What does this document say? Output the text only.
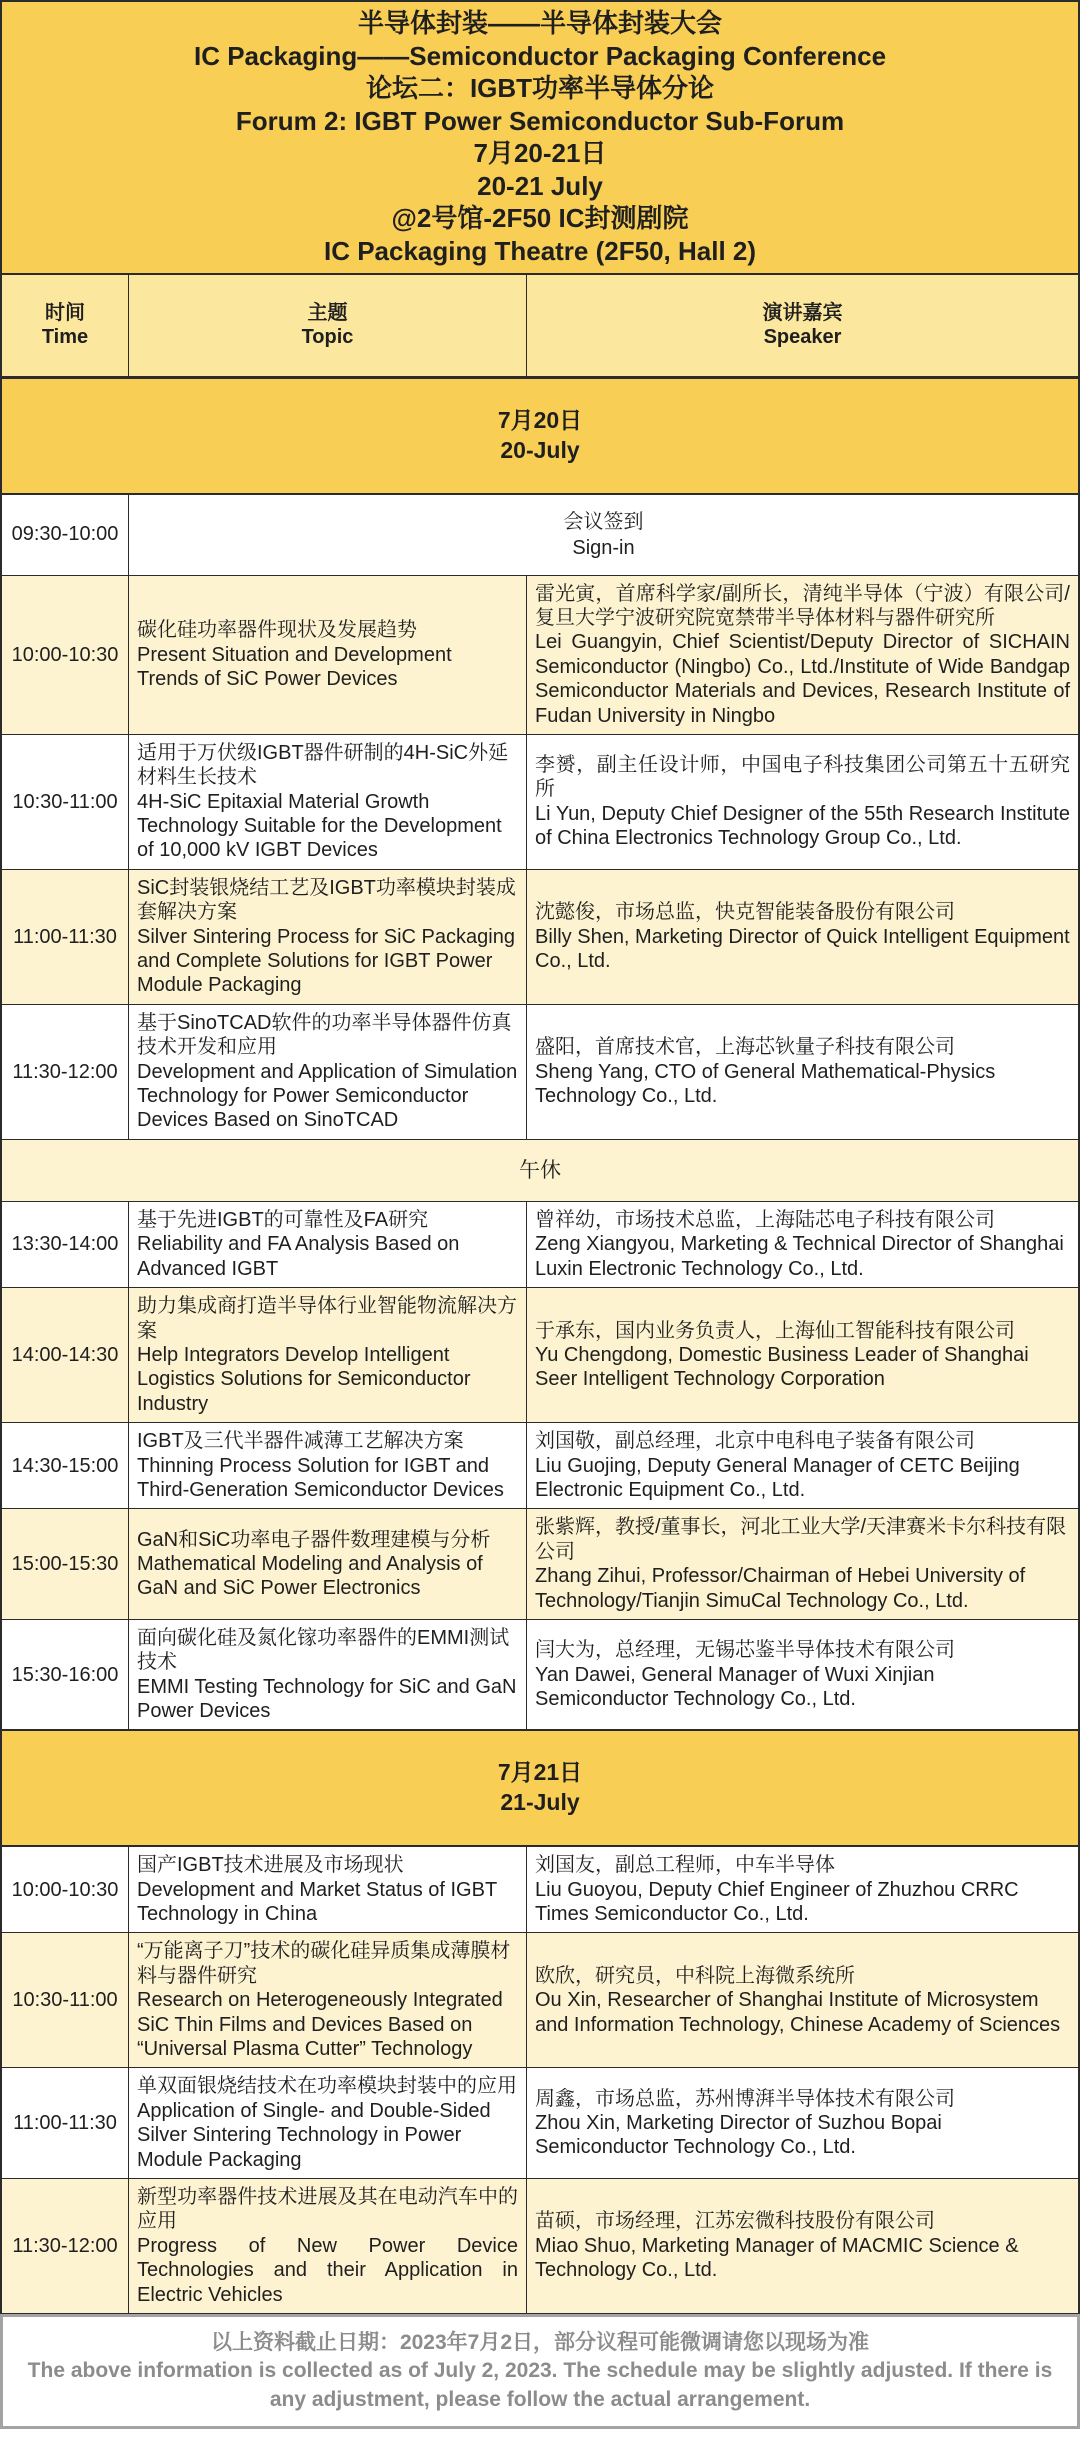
半导体封装——半导体封装大会
IC Packaging——Semiconductor Packaging Conference
论坛二：IGBT功率半导体分论
Forum 2: IGBT Power Semiconductor Sub-Forum
7月20-21日
20-21 July
@2号馆-2F50 IC封测剧院
IC Packaging Theatre (2F50, Hall 2)
时间
Time
主题
Topic
演讲嘉宾
Speaker
7月20日
20-July
09:30-10:00
会议签到
Sign-in
10:00-10:30
碳化硅功率器件现状及发展趋势
Present Situation and Development Trends of SiC Power Devices
雷光寅，首席科学家/副所长，清纯半导体（宁波）有限公司/复旦大学宁波研究院宽禁带半导体材料与器件研究所
Lei Guangyin, Chief Scientist/Deputy Director of SICHAIN Semiconductor (Ningbo) Co., Ltd./Institute of Wide Bandgap Semiconductor Materials and Devices, Research Institute of Fudan University in Ningbo
10:30-11:00
适用于万伏级IGBT器件研制的4H-SiC外延材料生长技术
4H-SiC Epitaxial Material Growth Technology Suitable for the Development of 10,000 kV IGBT Devices
李赟，副主任设计师，中国电子科技集团公司第五十五研究所
Li Yun, Deputy Chief Designer of the 55th Research Institute of China Electronics Technology Group Co., Ltd.
11:00-11:30
SiC封装银烧结工艺及IGBT功率模块封装成套解决方案
Silver Sintering Process for SiC Packaging and Complete Solutions for IGBT Power Module Packaging
沈懿俊，市场总监，快克智能装备股份有限公司
Billy Shen, Marketing Director of Quick Intelligent Equipment Co., Ltd.
11:30-12:00
基于SinoTCAD软件的功率半导体器件仿真技术开发和应用
Development and Application of Simulation Technology for Power Semiconductor Devices Based on SinoTCAD
盛阳，首席技术官，上海芯钬量子科技有限公司
Sheng Yang, CTO of General Mathematical-Physics Technology Co., Ltd.
午休
13:30-14:00
基于先进IGBT的可靠性及FA研究
Reliability and FA Analysis Based on Advanced IGBT
曾祥幼，市场技术总监，上海陆芯电子科技有限公司
Zeng Xiangyou, Marketing & Technical Director of Shanghai Luxin Electronic Technology Co., Ltd.
14:00-14:30
助力集成商打造半导体行业智能物流解决方案
Help Integrators Develop Intelligent Logistics Solutions for Semiconductor Industry
于承东，国内业务负责人，上海仙工智能科技有限公司
Yu Chengdong, Domestic Business Leader of Shanghai Seer Intelligent Technology Corporation
14:30-15:00
IGBT及三代半器件减薄工艺解决方案
Thinning Process Solution for IGBT and Third-Generation Semiconductor Devices
刘国敬，副总经理，北京中电科电子装备有限公司
Liu Guojing, Deputy General Manager of CETC Beijing Electronic Equipment Co., Ltd.
15:00-15:30
GaN和SiC功率电子器件数理建模与分析
Mathematical Modeling and Analysis of GaN and SiC Power Electronics
张紫辉，教授/董事长，河北工业大学/天津赛米卡尔科技有限公司
Zhang Zihui, Professor/Chairman of Hebei University of Technology/Tianjin SimuCal Technology Co., Ltd.
15:30-16:00
面向碳化硅及氮化镓功率器件的EMMI测试技术
EMMI Testing Technology for SiC and GaN Power Devices
闫大为，总经理，无锡芯鉴半导体技术有限公司
Yan Dawei, General Manager of Wuxi Xinjian Semiconductor Technology Co., Ltd.
7月21日
21-July
10:00-10:30
国产IGBT技术进展及市场现状
Development and Market Status of IGBT Technology in China
刘国友，副总工程师，中车半导体
Liu Guoyou, Deputy Chief Engineer of Zhuzhou CRRC Times Semiconductor Co., Ltd.
10:30-11:00
“万能离子刀”技术的碳化硅异质集成薄膜材料与器件研究
Research on Heterogeneously Integrated SiC Thin Films and Devices Based on “Universal Plasma Cutter” Technology
欧欣，研究员，中科院上海微系统所
Ou Xin, Researcher of Shanghai Institute of Microsystem and Information Technology, Chinese Academy of Sciences
11:00-11:30
单双面银烧结技术在功率模块封装中的应用
Application of Single- and Double-Sided Silver Sintering Technology in Power Module Packaging
周鑫，市场总监，苏州博湃半导体技术有限公司
Zhou Xin, Marketing Director of Suzhou Bopai Semiconductor Technology Co., Ltd.
11:30-12:00
新型功率器件技术进展及其在电动汽车中的应用
Progress of New Power Device Technologies and their Application in Electric Vehicles
苗硕，市场经理，江苏宏微科技股份有限公司
Miao Shuo, Marketing Manager of MACMIC Science & Technology Co., Ltd.
以上资料截止日期：2023年7月2日，部分议程可能微调请您以现场为准
The above information is collected as of July 2, 2023. The schedule may be slightly adjusted. If there is any adjustment, please follow the actual arrangement.
